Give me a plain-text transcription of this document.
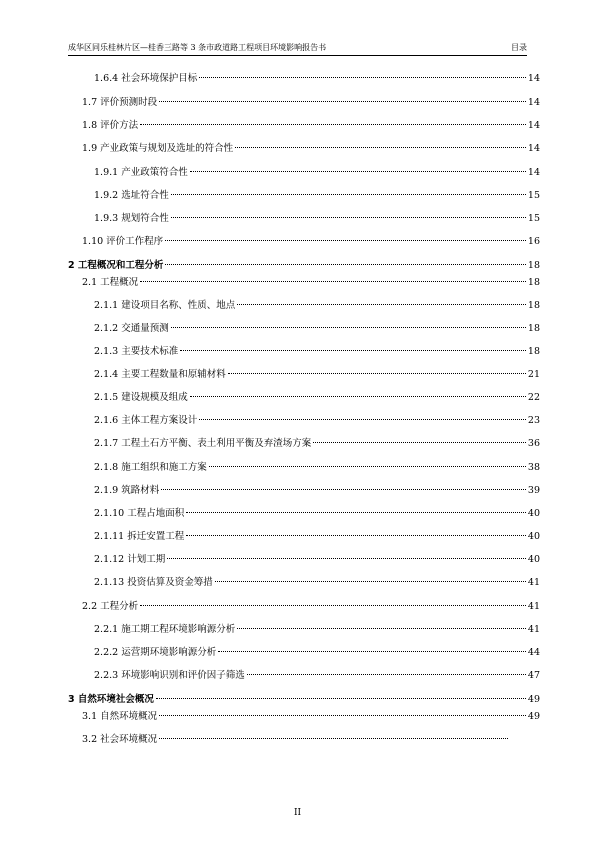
成华区同乐桂林片区—桂香三路等 3 条市政道路工程项目环境影响报告书	目录
1.6.4 社会环境保护目标	14
1.7 评价预测时段	14
1.8 评价方法	14
1.9 产业政策与规划及选址的符合性	14
1.9.1 产业政策符合性	14
1.9.2 选址符合性	15
1.9.3 规划符合性	15
1.10 评价工作程序	16
2 工程概况和工程分析	18
2.1 工程概况	18
2.1.1 建设项目名称、性质、地点	18
2.1.2 交通量预测	18
2.1.3 主要技术标准	18
2.1.4 主要工程数量和原辅材料	21
2.1.5 建设规模及组成	22
2.1.6 主体工程方案设计	23
2.1.7 工程土石方平衡、表土利用平衡及弃渣场方案	36
2.1.8 施工组织和施工方案	38
2.1.9 筑路材料	39
2.1.10 工程占地面积	40
2.1.11 拆迁安置工程	40
2.1.12 计划工期	40
2.1.13 投资估算及资金筹措	41
2.2 工程分析	41
2.2.1 施工期工程环境影响源分析	41
2.2.2 运营期环境影响源分析	44
2.2.3 环境影响识别和评价因子筛选	47
3 自然环境社会概况	49
3.1 自然环境概况	49
3.2 社会环境概况
II
